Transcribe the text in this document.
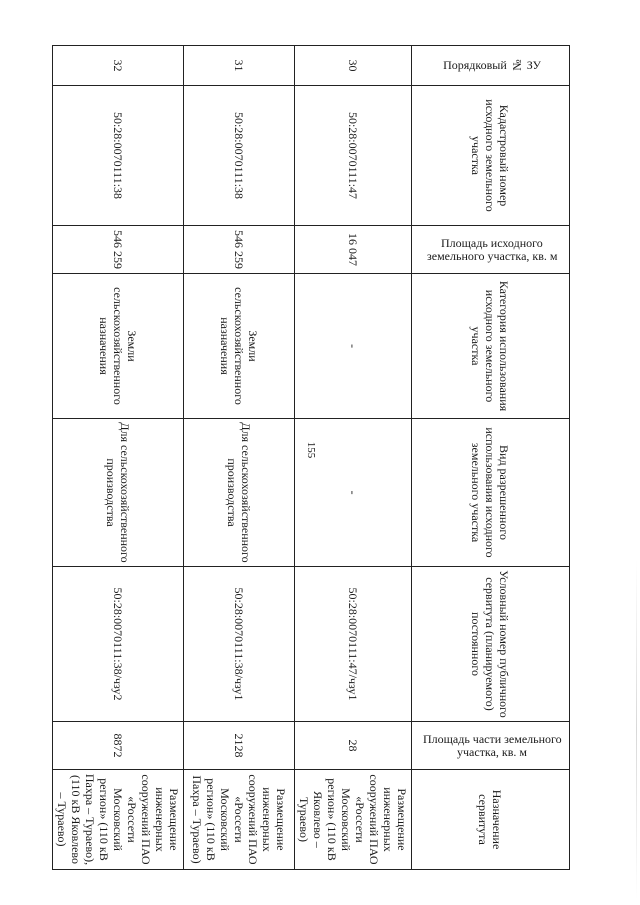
155
Порядковый № ЗУ	Кадастровый номер исходного земельного участка	Площадь исходного земельного участка, кв. м	Категория использования исходного земельного участка	Вид разрешенного использования исходного земельного участка	Условный номер публичного сервитута (планируемого) постоянного	Площадь части земельного участка, кв. м	Назначение сервитута
30	50:28:0070111:47	16 047	-	-	50:28:0070111:47/чзу1	28	Размещение инженерных сооружений ПАО «Россети Московский регион» (110 кВ Яковлево – Тураево)
31	50:28:0070111:38	546 259	Земли сельскохозяйственного назначения	Для сельскохозяйственного производства	50:28:0070111:38/чзу1	2128	Размещение инженерных сооружений ПАО «Россети Московский регион» (110 кВ Пахра – Тураево)
32	50:28:0070111:38	546 259	Земли сельскохозяйственного назначения	Для сельскохозяйственного производства	50:28:0070111:38/чзу2	8872	Размещение инженерных сооружений ПАО «Россети Московский регион» (110 кВ Пахра – Тураево), (110 кВ Яковлево – Тураево)
